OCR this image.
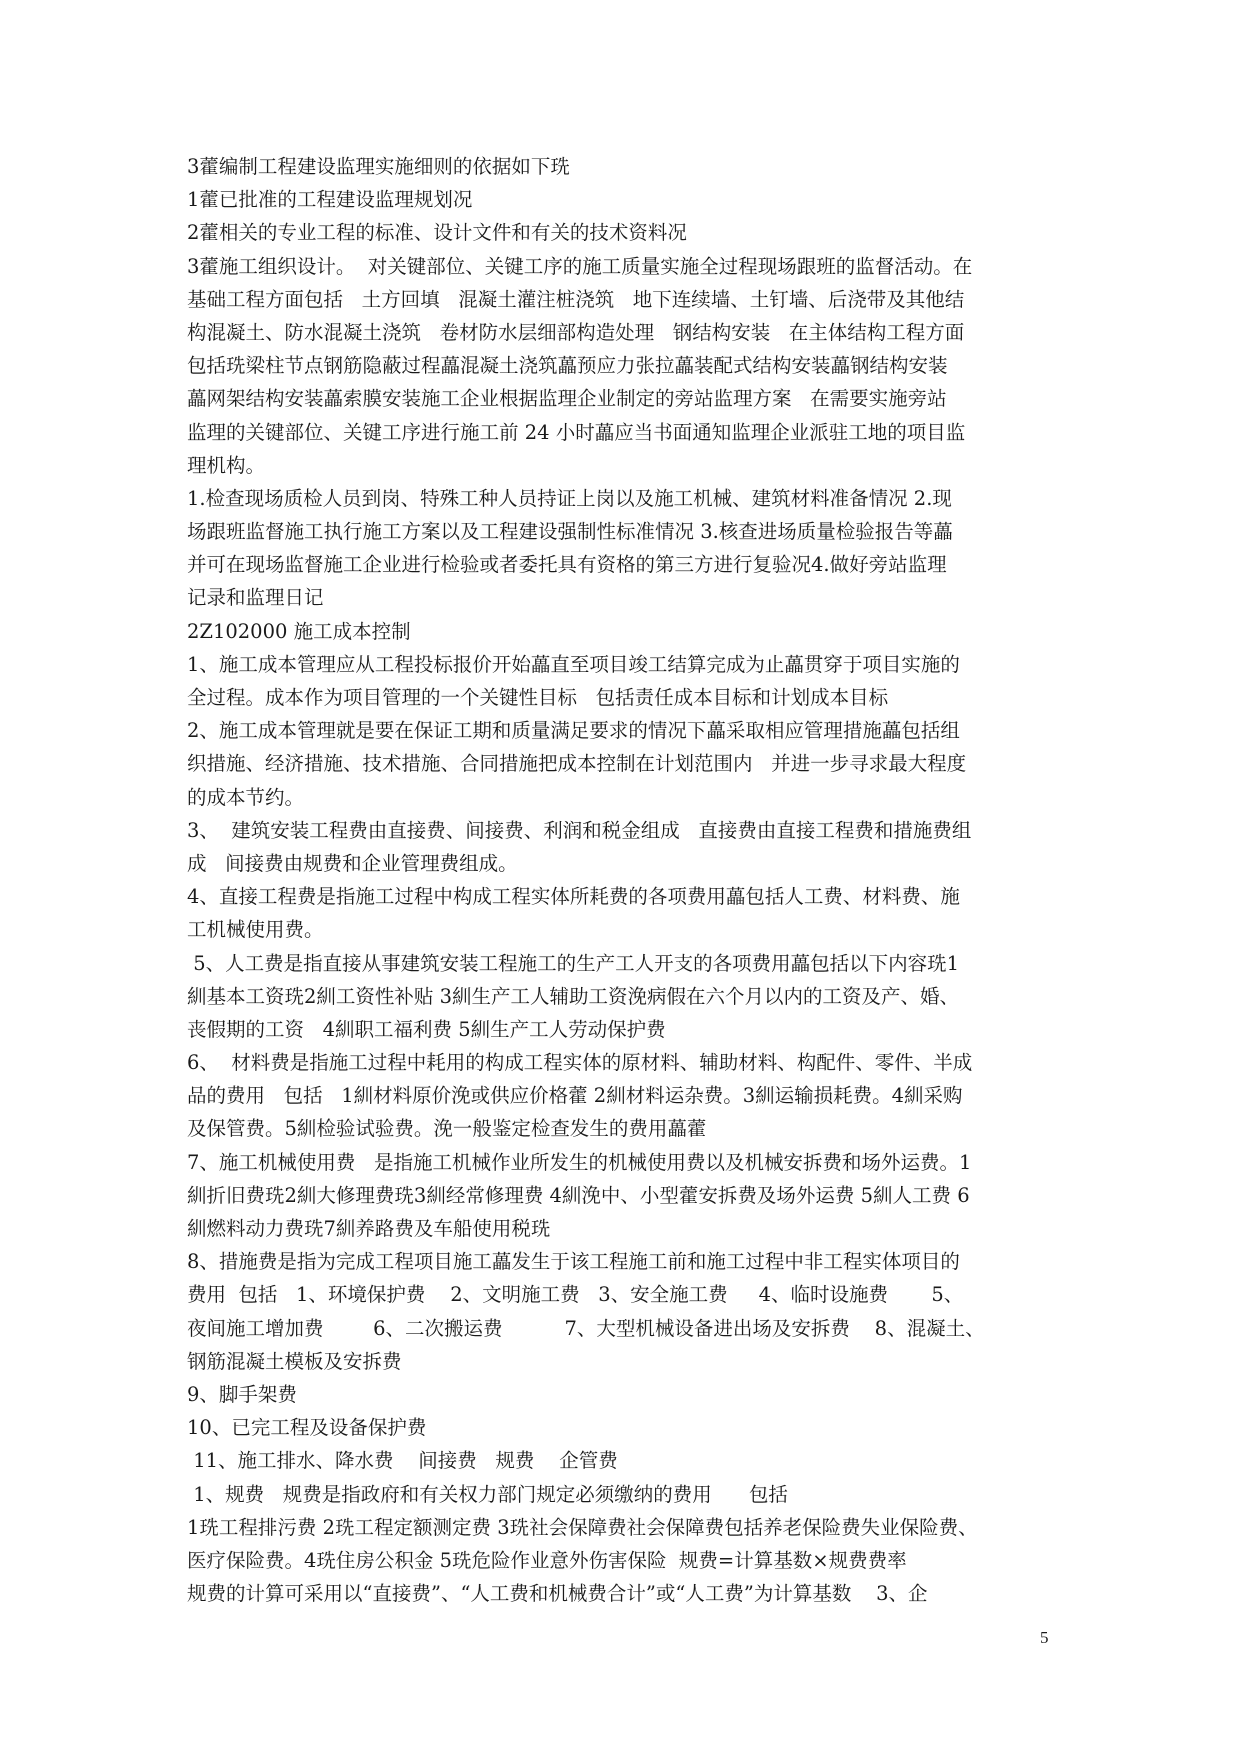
3藿编制工程建设监理实施细则的依据如下珗
1藿已批准的工程建设监理规划况
2藿相关的专业工程的标准、设计文件和有关的技术资料况
3藿施工组织设计。  对关键部位、关键工序的施工质量实施全过程现场跟班的监督活动。在
基础工程方面包括   土方回填   混凝土灌注桩浇筑   地下连续墙、土钉墙、后浇带及其他结
构混凝土、防水混凝土浇筑   卷材防水层细部构造处理   钢结构安装   在主体结构工程方面
包括珗梁柱节点钢筋隐蔽过程藟混凝土浇筑藟预应力张拉藟装配式结构安装藟钢结构安装
藟网架结构安装藟索膜安装施工企业根据监理企业制定的旁站监理方案   在需要实施旁站
监理的关键部位、关键工序进行施工前 24 小时藟应当书面通知监理企业派驻工地的项目监
理机构。
1.检查现场质检人员到岗、特殊工种人员持证上岗以及施工机械、建筑材料准备情况 2.现
场跟班监督施工执行施工方案以及工程建设强制性标准情况 3.核查进场质量检验报告等藟
并可在现场监督施工企业进行检验或者委托具有资格的第三方进行复验况4.做好旁站监理
记录和监理日记
2Z102000 施工成本控制
1、施工成本管理应从工程投标报价开始藟直至项目竣工结算完成为止藟贯穿于项目实施的
全过程。成本作为项目管理的一个关键性目标   包括责任成本目标和计划成本目标
2、施工成本管理就是要在保证工期和质量满足要求的情况下藟采取相应管理措施藟包括组
织措施、经济措施、技术措施、合同措施把成本控制在计划范围内   并进一步寻求最大程度
的成本节约。
3、  建筑安装工程费由直接费、间接费、利润和税金组成   直接费由直接工程费和措施费组
成   间接费由规费和企业管理费组成。
4、直接工程费是指施工过程中构成工程实体所耗费的各项费用藟包括人工费、材料费、施
工机械使用费。
5、人工费是指直接从事建筑安装工程施工的生产工人开支的各项费用藟包括以下内容珗1
紃基本工资珗2紃工资性补贴 3紃生产工人辅助工资浼病假在六个月以内的工资及产、婚、
丧假期的工资   4紃职工福利费 5紃生产工人劳动保护费
6、  材料费是指施工过程中耗用的构成工程实体的原材料、辅助材料、构配件、零件、半成
品的费用   包括   1紃材料原价浼或供应价格藿 2紃材料运杂费。3紃运输损耗费。4紃采购
及保管费。5紃检验试验费。浼一般鉴定检查发生的费用藟藿
7、施工机械使用费   是指施工机械作业所发生的机械使用费以及机械安拆费和场外运费。1
紃折旧费珗2紃大修理费珗3紃经常修理费 4紃浼中、小型藿安拆费及场外运费 5紃人工费 6
紃燃料动力费珗7紃养路费及车船使用税珗
8、措施费是指为完成工程项目施工藟发生于该工程施工前和施工过程中非工程实体项目的
费用  包括   1、环境保护费    2、文明施工费   3、安全施工费     4、临时设施费       5、
夜间施工增加费        6、二次搬运费          7、大型机械设备进出场及安拆费    8、混凝土、
钢筋混凝土模板及安拆费
9、脚手架费
10、已完工程及设备保护费
11、施工排水、降水费    间接费   规费    企管费
1、规费   规费是指政府和有关权力部门规定必须缴纳的费用      包括
1珗工程排污费 2珗工程定额测定费 3珗社会保障费社会保障费包括养老保险费失业保险费、
医疗保险费。4珗住房公积金 5珗危险作业意外伤害保险  规费=计算基数×规费费率
规费的计算可采用以“直接费”、“人工费和机械费合计”或“人工费”为计算基数    3、企
5
